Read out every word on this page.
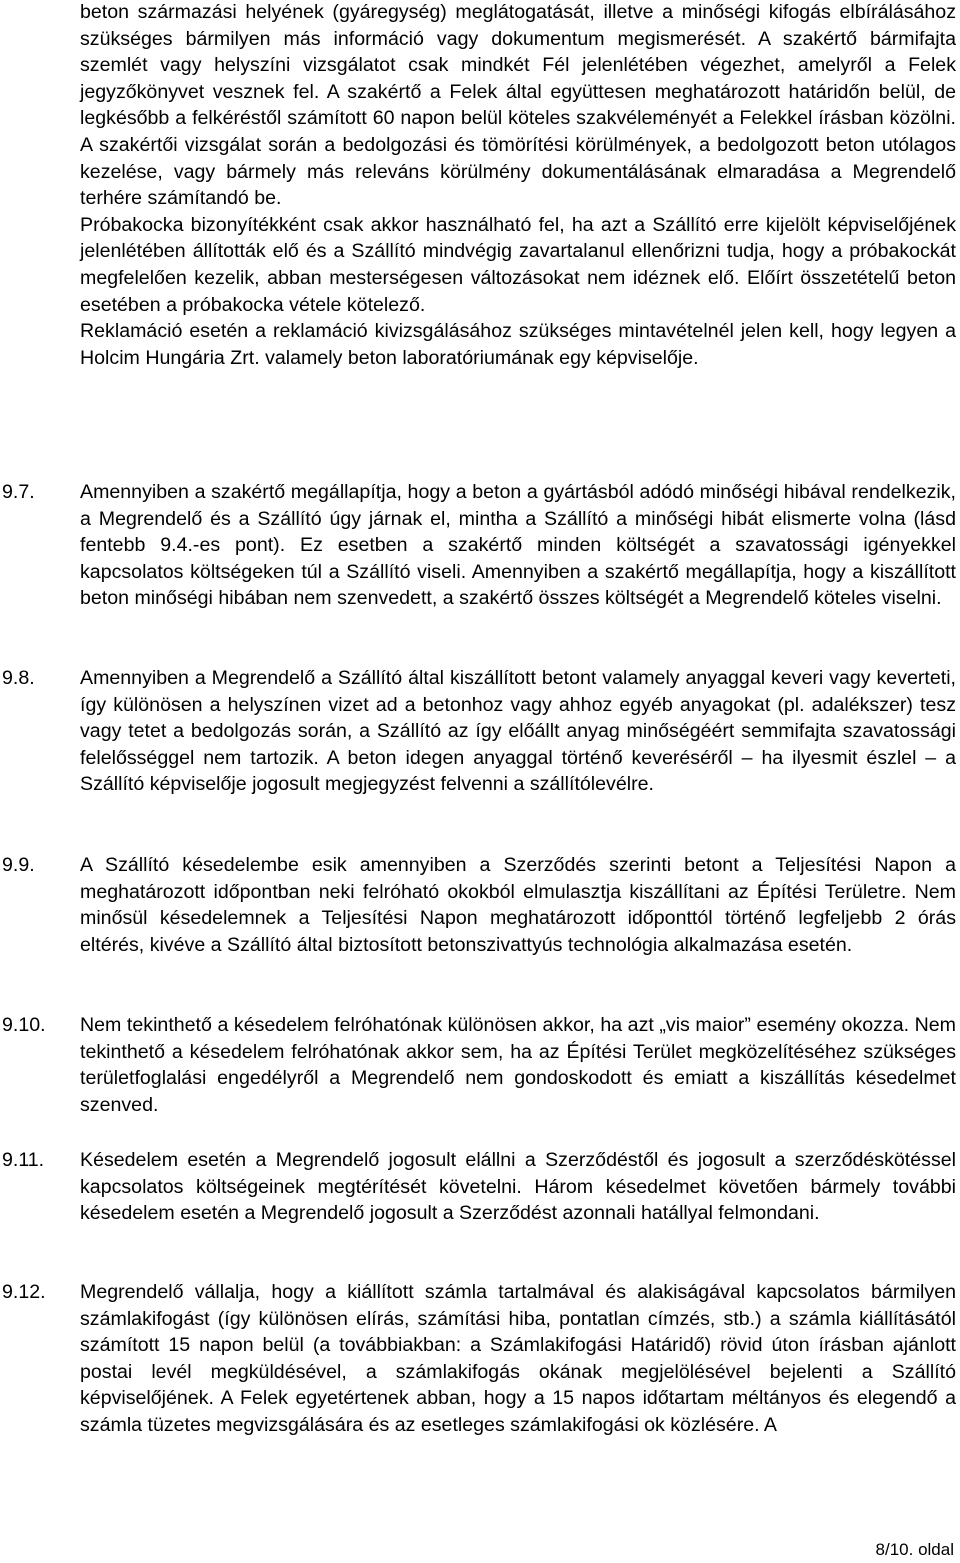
beton származási helyének (gyáregység) meglátogatását, illetve a minőségi kifogás elbírálásához szükséges bármilyen más információ vagy dokumentum megismerését. A szakértő bármifajta szemlét vagy helyszíni vizsgálatot csak mindkét Fél jelenlétében végezhet, amelyről a Felek jegyzőkönyvet vesznek fel. A szakértő a Felek által együttesen meghatározott határidőn belül, de legkésőbb a felkéréstől számított 60 napon belül köteles szakvéleményét a Felekkel írásban közölni. A szakértői vizsgálat során a bedolgozási és tömörítési körülmények, a bedolgozott beton utólagos kezelése, vagy bármely más releváns körülmény dokumentálásának elmaradása a Megrendelő terhére számítandó be.

Próbakocka bizonyítékként csak akkor használható fel, ha azt a Szállító erre kijelölt képviselőjének jelenlétében állították elő és a Szállító mindvégig zavartalanul ellenőrizni tudja, hogy a próbakockát megfelelően kezelik, abban mesterségesen változásokat nem idéznek elő. Előírt összetételű beton esetében a próbakocka vétele kötelező.

Reklamáció esetén a reklamáció kivizsgálásához szükséges mintavételnél jelen kell, hogy legyen a Holcim Hungária Zrt. valamely beton laboratóriumának egy képviselője.

9.7.	Amennyiben a szakértő megállapítja, hogy a beton a gyártásból adódó minőségi hibával rendelkezik, a Megrendelő és a Szállító úgy járnak el, mintha a Szállító a minőségi hibát elismerte volna (lásd fentebb 9.4.-es pont). Ez esetben a szakértő minden költségét a szavatossági igényekkel kapcsolatos költségeken túl a Szállító viseli. Amennyiben a szakértő megállapítja, hogy a kiszállított beton minőségi hibában nem szenvedett, a szakértő összes költségét a Megrendelő köteles viselni.

9.8.	Amennyiben a Megrendelő a Szállító által kiszállított betont valamely anyaggal keveri vagy keverteti, így különösen a helyszínen vizet ad a betonhoz vagy ahhoz egyéb anyagokat (pl. adalékszer) tesz vagy tetet a bedolgozás során, a Szállító az így előállt anyag minőségéért semmifajta szavatossági felelősséggel nem tartozik. A beton idegen anyaggal történő keveréséről – ha ilyesmit észlel – a Szállító képviselője jogosult megjegyzést felvenni a szállítólevélre.

9.9.	A Szállító késedelembe esik amennyiben a Szerződés szerinti betont a Teljesítési Napon a meghatározott időpontban neki felróható okokból elmulasztja kiszállítani az Építési Területre. Nem minősül késedelemnek a Teljesítési Napon meghatározott időponttól történő legfeljebb 2 órás eltérés, kivéve a Szállító által biztosított betonszivattyús technológia alkalmazása esetén.

9.10.	Nem tekinthető a késedelem felróhatónak különösen akkor, ha azt „vis maior” esemény okozza. Nem tekinthető a késedelem felróhatónak akkor sem, ha az Építési Terület megközelítéséhez szükséges területfoglalási engedélyről a Megrendelő nem gondoskodott és emiatt a kiszállítás késedelmet szenved.

9.11.	Késedelem esetén a Megrendelő jogosult elállni a Szerződéstől és jogosult a szerződéskötéssel kapcsolatos költségeinek megtérítését követelni. Három késedelmet követően bármely további késedelem esetén a Megrendelő jogosult a Szerződést azonnali hatállyal felmondani.

9.12.	Megrendelő vállalja, hogy a kiállított számla tartalmával és alakiságával kapcsolatos bármilyen számlakifogást (így különösen elírás, számítási hiba, pontatlan címzés, stb.) a számla kiállításától számított 15 napon belül (a továbbiakban: a Számlakifogási Határidő) rövid úton írásban ajánlott postai levél megküldésével, a számlakifogás okának megjelölésével bejelenti a Szállító képviselőjének. A Felek egyetértenek abban, hogy a 15 napos időtartam méltányos és elegendő a számla tüzetes megvizsgálására és az esetleges számlakifogási ok közlésére. A

8/10. oldal
